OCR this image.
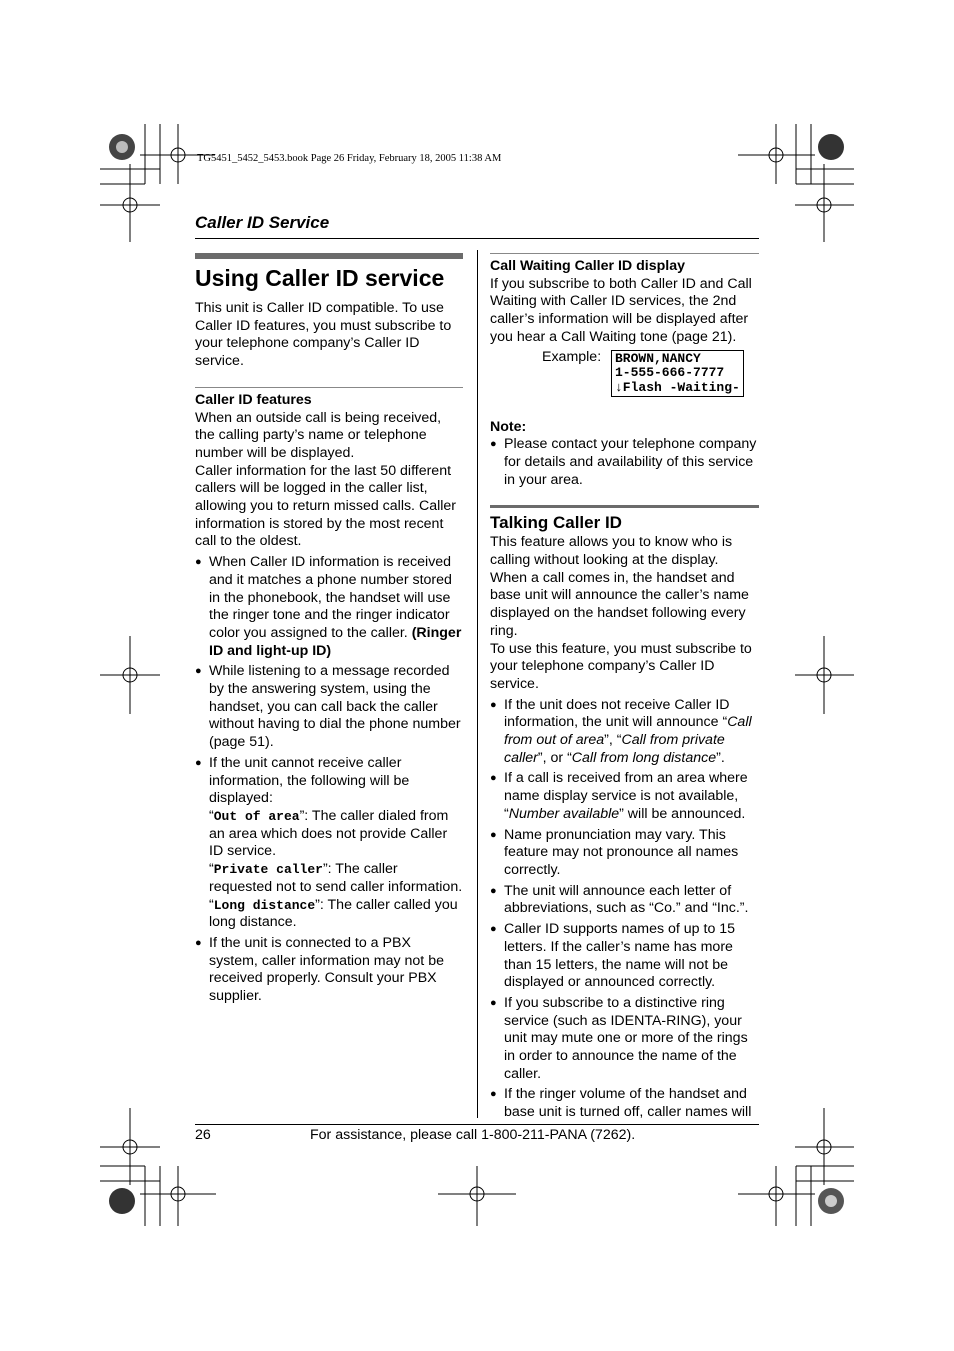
TG5451_5452_5453.book Page 26 Friday, February 18, 2005 11:38 AM
Caller ID Service
Using Caller ID service

This unit is Caller ID compatible. To use Caller ID features, you must subscribe to your telephone company’s Caller ID service.

Caller ID features

When an outside call is being received, the calling party’s name or telephone number will be displayed.

Caller information for the last 50 different callers will be logged in the caller list, allowing you to return missed calls. Caller information is stored by the most recent call to the oldest.

● When Caller ID information is received and it matches a phone number stored in the phonebook, the handset will use the ringer tone and the ringer indicator color you assigned to the caller. (Ringer ID and light-up ID)
● While listening to a message recorded by the answering system, using the handset, you can call back the caller without having to dial the phone number (page 51).
● If the unit cannot receive caller information, the following will be displayed:
“Out of area”: The caller dialed from an area which does not provide Caller ID service.
“Private caller”: The caller requested not to send caller information.
“Long distance”: The caller called you long distance.
● If the unit is connected to a PBX system, caller information may not be received properly. Consult your PBX supplier.

Call Waiting Caller ID display

If you subscribe to both Caller ID and Call Waiting with Caller ID services, the 2nd caller’s information will be displayed after you hear a Call Waiting tone (page 21).

Example: BROWN,NANCY
1-555-666-7777
↓Flash -Waiting-

Note:

● Please contact your telephone company for details and availability of this service in your area.

Talking Caller ID

This feature allows you to know who is calling without looking at the display. When a call comes in, the handset and base unit will announce the caller’s name displayed on the handset following every ring.

To use this feature, you must subscribe to your telephone company’s Caller ID service.

● If the unit does not receive Caller ID information, the unit will announce “Call from out of area”, “Call from private caller”, or “Call from long distance”.
● If a call is received from an area where name display service is not available, “Number available” will be announced.
● Name pronunciation may vary. This feature may not pronounce all names correctly.
● The unit will announce each letter of abbreviations, such as “Co.” and “Inc.”.
● Caller ID supports names of up to 15 letters. If the caller’s name has more than 15 letters, the name will not be displayed or announced correctly.
● If you subscribe to a distinctive ring service (such as IDENTA-RING), your unit may mute one or more of the rings in order to announce the name of the caller.
● If the ringer volume of the handset and base unit is turned off, caller names will
26	For assistance, please call 1-800-211-PANA (7262).
